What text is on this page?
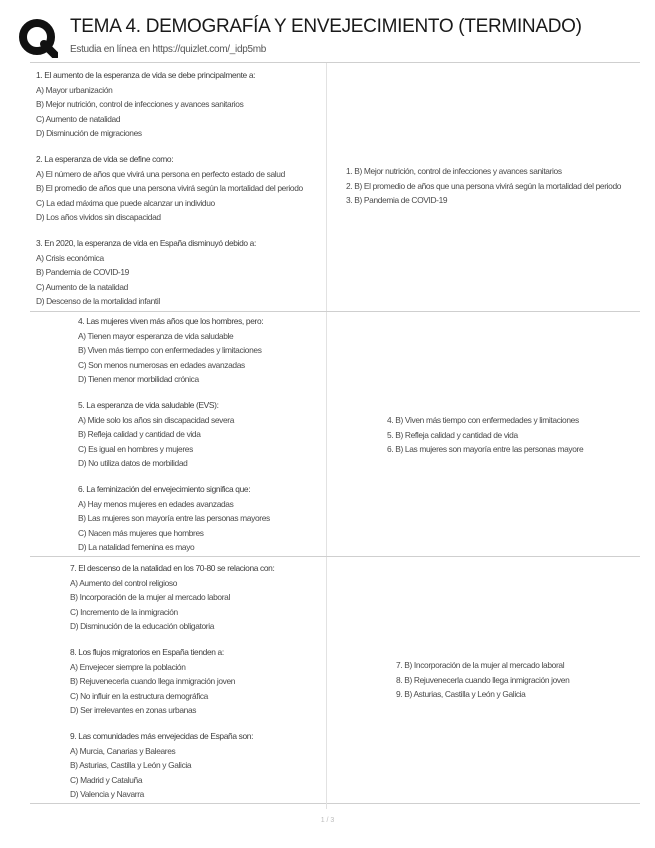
TEMA 4. DEMOGRAFÍA Y ENVEJECIMIENTO (TERMINADO)
Estudia en línea en https://quizlet.com/_idp5mb
1. El aumento de la esperanza de vida se debe principalmente a:
A) Mayor urbanización
B) Mejor nutrición, control de infecciones y avances sanitarios
C) Aumento de natalidad
D) Disminución de migraciones
2. La esperanza de vida se define como:
A) El número de años que vivirá una persona en perfecto estado de salud
B) El promedio de años que una persona vivirá según la mortalidad del periodo
C) La edad máxima que puede alcanzar un individuo
D) Los años vividos sin discapacidad
3. En 2020, la esperanza de vida en España disminuyó debido a:
A) Crisis económica
B) Pandemia de COVID-19
C) Aumento de la natalidad
D) Descenso de la mortalidad infantil
1. B) Mejor nutrición, control de infecciones y avances sanitarios
2. B) El promedio de años que una persona vivirá según la mortalidad del periodo
3. B) Pandemia de COVID-19
4. Las mujeres viven más años que los hombres, pero:
A) Tienen mayor esperanza de vida saludable
B) Viven más tiempo con enfermedades y limitaciones
C) Son menos numerosas en edades avanzadas
D) Tienen menor morbilidad crónica
5. La esperanza de vida saludable (EVS):
A) Mide solo los años sin discapacidad severa
B) Refleja calidad y cantidad de vida
C) Es igual en hombres y mujeres
D) No utiliza datos de morbilidad
6. La feminización del envejecimiento significa que:
A) Hay menos mujeres en edades avanzadas
B) Las mujeres son mayoría entre las personas mayores
C) Nacen más mujeres que hombres
D) La natalidad femenina es mayo
4. B) Viven más tiempo con enfermedades y limitaciones
5. B) Refleja calidad y cantidad de vida
6. B) Las mujeres son mayoría entre las personas mayore
7. El descenso de la natalidad en los 70-80 se relaciona con:
A) Aumento del control religioso
B) Incorporación de la mujer al mercado laboral
C) Incremento de la inmigración
D) Disminución de la educación obligatoria
8. Los flujos migratorios en España tienden a:
A) Envejecer siempre la población
B) Rejuvenecerla cuando llega inmigración joven
C) No influir en la estructura demográfica
D) Ser irrelevantes en zonas urbanas
9. Las comunidades más envejecidas de España son:
A) Murcia, Canarias y Baleares
B) Asturias, Castilla y León y Galicia
C) Madrid y Cataluña
D) Valencia y Navarra
7. B) Incorporación de la mujer al mercado laboral
8. B) Rejuvenecerla cuando llega inmigración joven
9. B) Asturias, Castilla y León y Galicia
1 / 3
